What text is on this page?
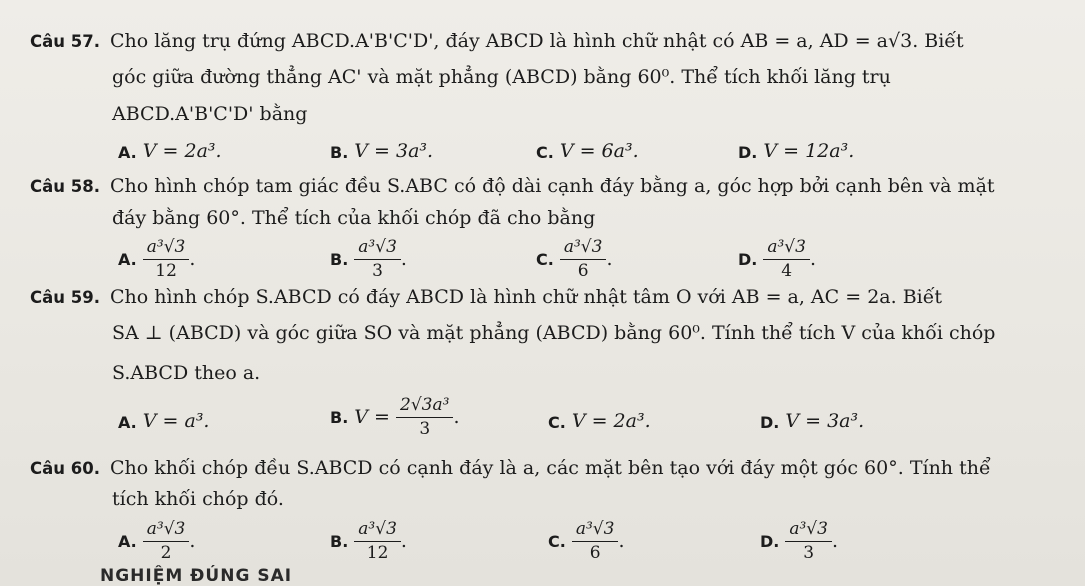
Câu 57. Cho lăng trụ đứng ABCD.A'B'C'D', đáy ABCD là hình chữ nhật có AB = a, AD = a√3. Biết
góc giữa đường thẳng AC' và mặt phẳng (ABCD) bằng 60⁰. Thể tích khối lăng trụ
ABCD.A'B'C'D' bằng
A. V = 2a³.	B. V = 3a³.	C. V = 6a³.	D. V = 12a³.
Câu 58. Cho hình chóp tam giác đều S.ABC có độ dài cạnh đáy bằng a, góc hợp bởi cạnh bên và mặt
đáy bằng 60°. Thể tích của khối chóp đã cho bằng
A. $\frac{\text{a³√3}}{12}$ .	B. $\frac{\text{a³√3}}{3}$ .	C. $\frac{\text{a³√3}}{6}$ .	D. $\frac{\text{a³√3}}{4}$ .
Câu 59. Cho hình chóp S.ABCD có đáy ABCD là hình chữ nhật tâm O với AB = a, AC = 2a. Biết
SA ⊥ (ABCD) và góc giữa SO và mặt phẳng (ABCD) bằng 60⁰. Tính thể tích V của khối chóp
S.ABCD theo a.
A. V = a³.	B. $V = \frac{\text{2√3a³}}{3}$ .	C. V = 2a³.	D. V = 3a³.
Câu 60. Cho khối chóp đều S.ABCD có cạnh đáy là a, các mặt bên tạo với đáy một góc 60°. Tính thể
tích khối chóp đó.
A. $\frac{\text{a³√3}}{2}$ .	B. $\frac{\text{a³√3}}{12}$ .	C. $\frac{\text{a³√3}}{6}$ .	D. $\frac{\text{a³√3}}{3}$ .
NGHIỆM ĐÚNG SAI
